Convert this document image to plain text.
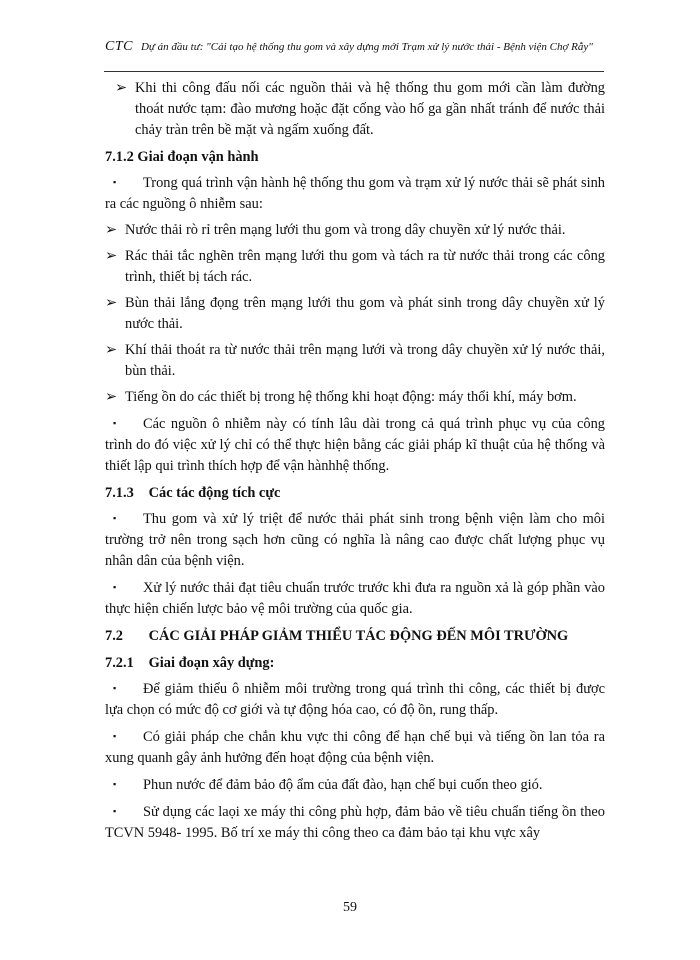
CTC Dự án đầu tư: "Cải tạo hệ thống thu gom và xây dựng mới Trạm xử lý nước thải - Bệnh viện Chợ Rẫy"

➢ Khi thi công đấu nối các nguồn thải và hệ thống thu gom mới cần làm đường thoát nước tạm: đào mương hoặc đặt cống vào hố ga gần nhất tránh để nước thải chảy tràn trên bề mặt và ngấm xuống đất.

7.1.2 Giai đoạn vận hành

▪ Trong quá trình vận hành hệ thống thu gom và trạm xử lý nước thải sẽ phát sinh ra các nguồng ô nhiễm sau:

➢ Nước thải rò rỉ trên mạng lưới thu gom và trong dây chuyền xử lý nước thải.

➢ Rác thải tắc nghẽn trên mạng lưới thu gom và tách ra từ nước thải trong các công trình, thiết bị tách rác.

➢ Bùn thải lắng đọng trên mạng lưới thu gom và phát sinh trong dây chuyền xử lý nước thải.

➢ Khí thải thoát ra từ nước thải trên mạng lưới và trong dây chuyền xử lý nước thải, bùn thải.

➢ Tiếng ồn do các thiết bị trong hệ thống khi hoạt động: máy thổi khí, máy bơm.

▪ Các nguồn ô nhiễm này có tính lâu dài trong cả quá trình phục vụ của công trình do đó việc xử lý chỉ có thể thực hiện bằng các giải pháp kĩ thuật của hệ thống và thiết lập qui trình thích hợp để vận hànhhệ thống.

7.1.3 Các tác động tích cực

▪ Thu gom và xử lý triệt để nước thải phát sinh trong bệnh viện làm cho môi trường trở nên trong sạch hơn cũng có nghĩa là nâng cao được chất lượng phục vụ nhân dân của bệnh viện.

▪ Xử lý nước thải đạt tiêu chuẩn trước trước khi đưa ra nguồn xả là góp phần vào thực hiện chiến lược bảo vệ môi trường của quốc gia.

7.2 CÁC GIẢI PHÁP GIẢM THIỂU TÁC ĐỘNG ĐẾN MÔI TRƯỜNG

7.2.1 Giai đoạn xây dựng:

▪ Để giảm thiểu ô nhiễm môi trường trong quá trình thi công, các thiết bị được lựa chọn có mức độ cơ giới và tự động hóa cao, có độ ồn, rung thấp.

▪ Có giải pháp che chắn khu vực thi công để hạn chế bụi và tiếng ồn lan tỏa ra xung quanh gây ảnh hưởng đến hoạt động của bệnh viện.

▪ Phun nước để đảm bảo độ ẩm của đất đào, hạn chế bụi cuốn theo gió.

▪ Sử dụng các laọi xe máy thi công phù hợp, đảm bảo về tiêu chuẩn tiếng ồn theo TCVN 5948- 1995. Bố trí xe máy thi công theo ca đảm bảo tại khu vực xây

59
